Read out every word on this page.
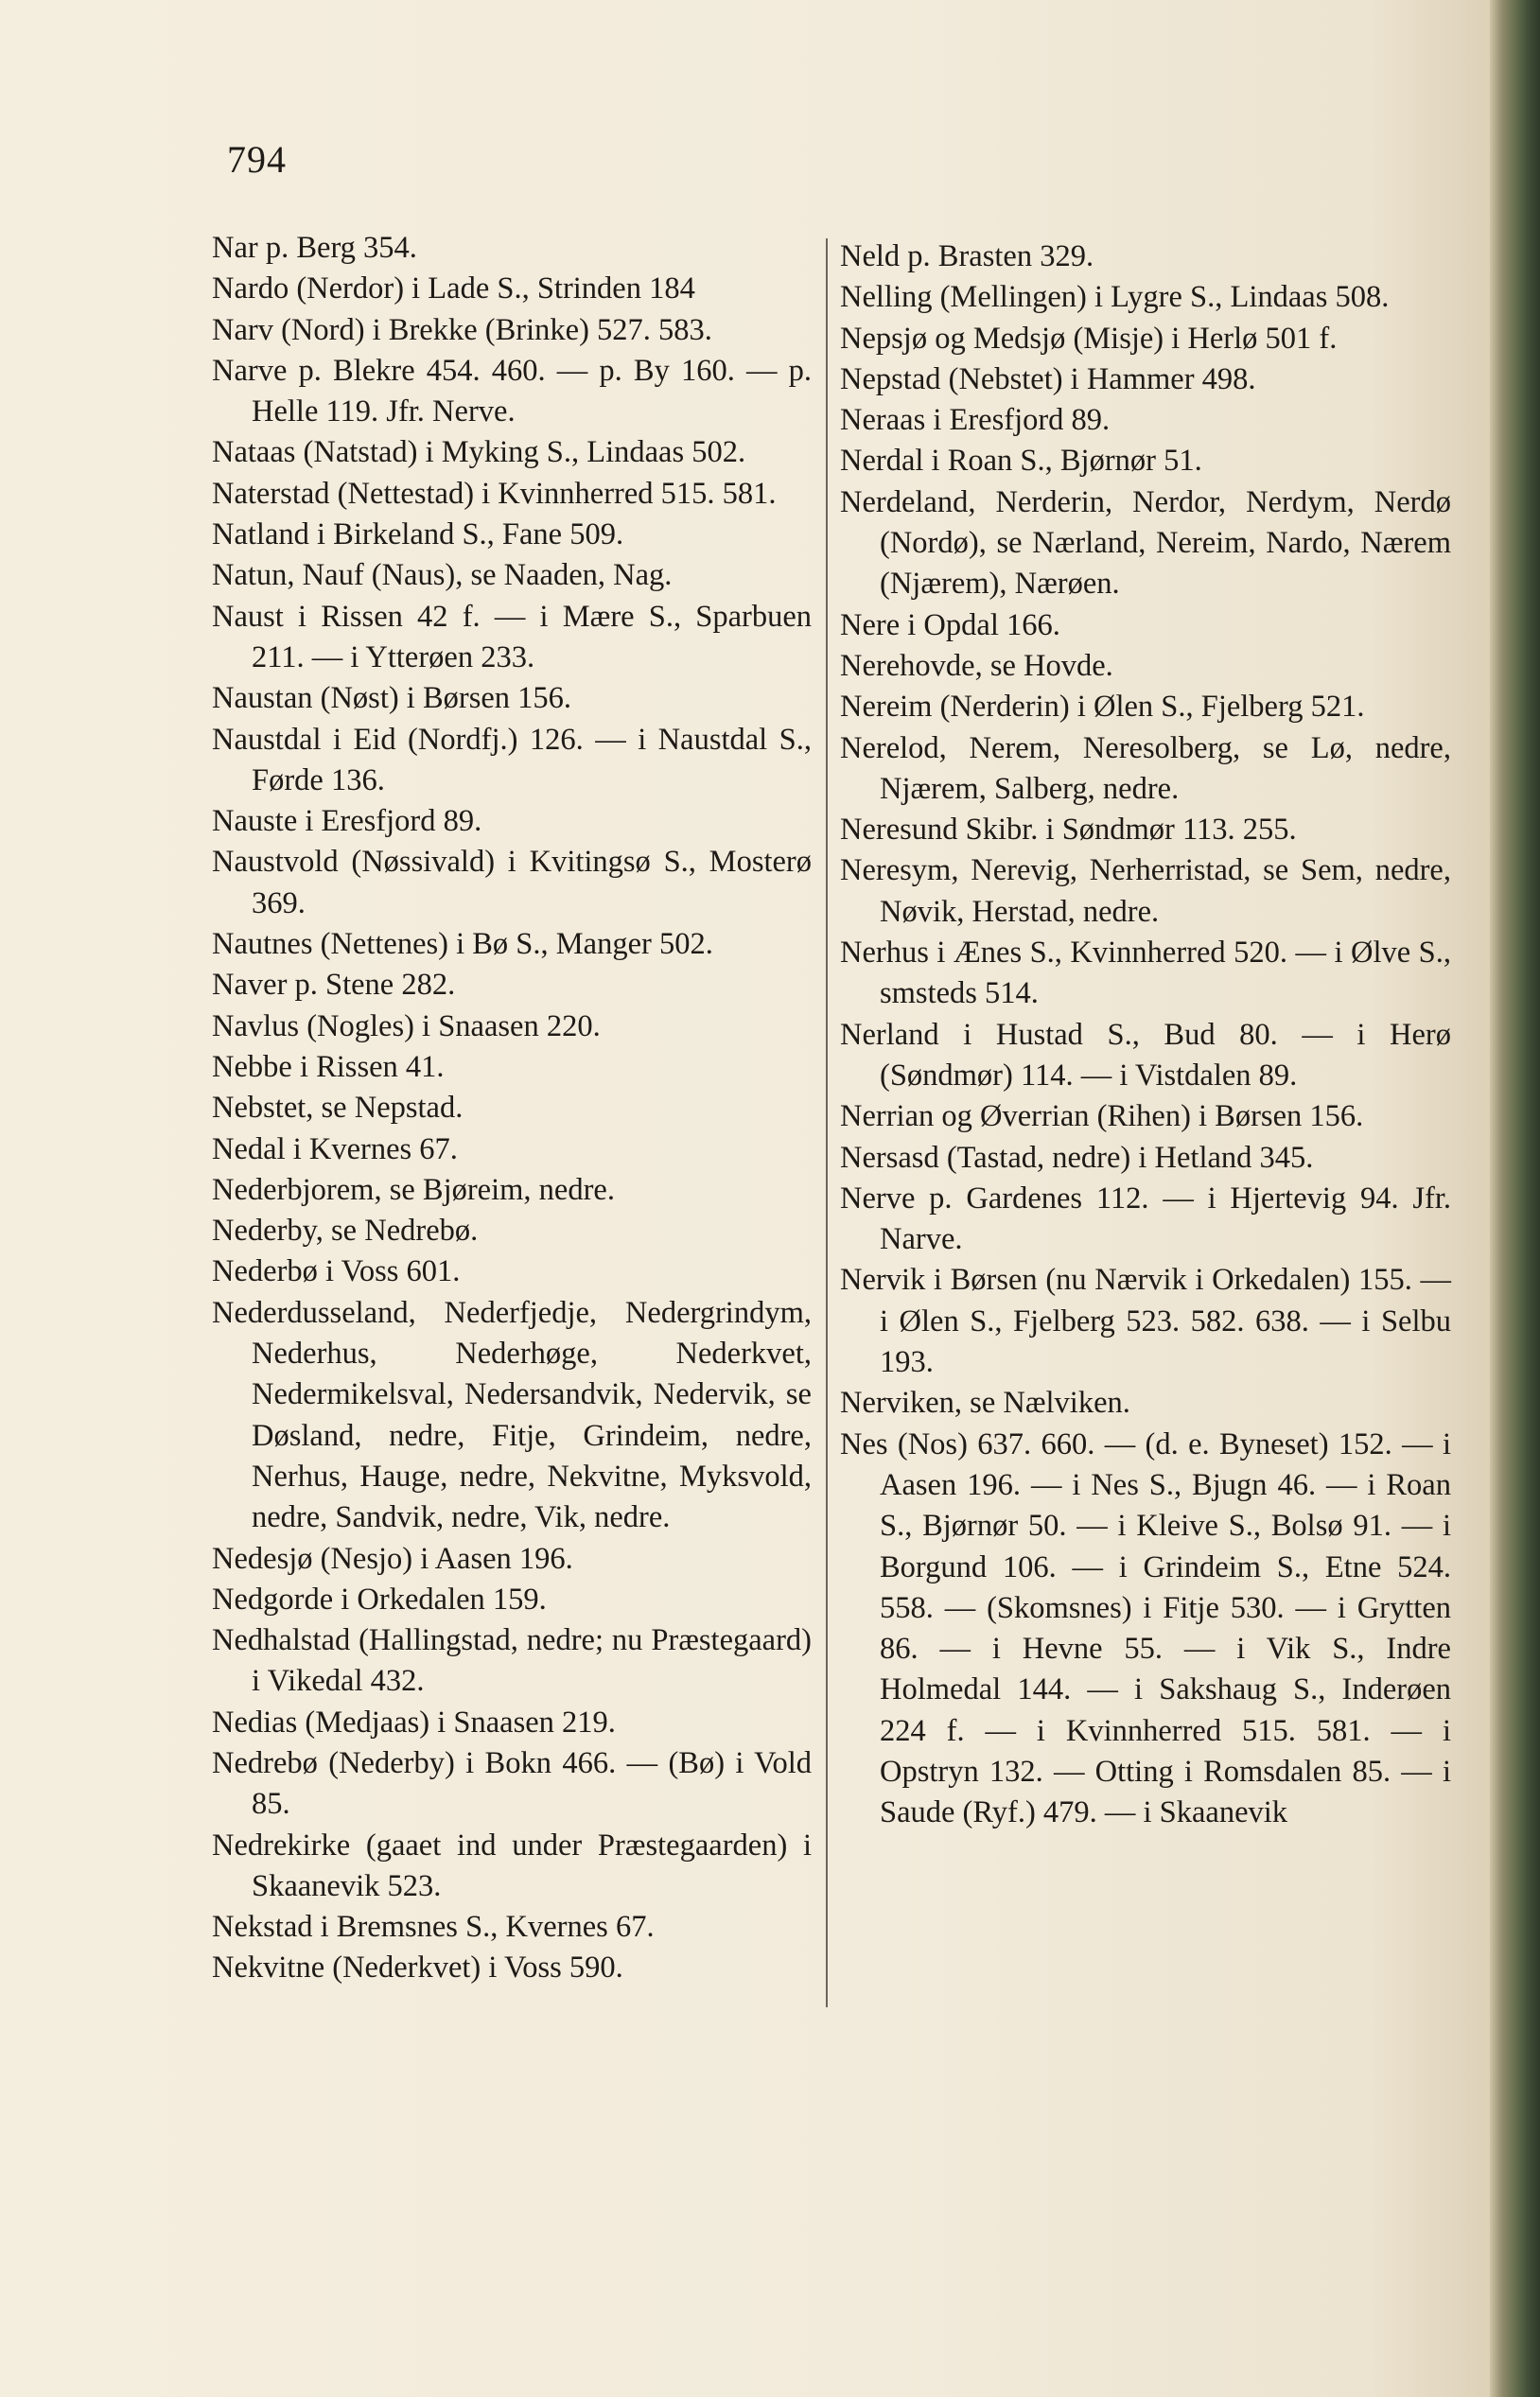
794

Nar p. Berg 354.

Nardo (Nerdor) i Lade S., Strinden 184

Narv (Nord) i Brekke (Brinke) 527. 583.

Narve p. Blekre 454. 460. — p. By 160. — p. Helle 119. Jfr. Nerve.

Nataas (Natstad) i Myking S., Lindaas 502.

Naterstad (Nettestad) i Kvinnherred 515. 581.

Natland i Birkeland S., Fane 509.

Natun, Nauf (Naus), se Naaden, Nag.

Naust i Rissen 42 f. — i Mære S., Sparbuen 211. — i Ytterøen 233.

Naustan (Nøst) i Børsen 156.

Naustdal i Eid (Nordfj.) 126. — i Naustdal S., Førde 136.

Nauste i Eresfjord 89.

Naustvold (Nøssivald) i Kvitingsø S., Mosterø 369.

Nautnes (Nettenes) i Bø S., Manger 502.

Naver p. Stene 282.

Navlus (Nogles) i Snaasen 220.

Nebbe i Rissen 41.

Nebstet, se Nepstad.

Nedal i Kvernes 67.

Nederbjorem, se Bjøreim, nedre.

Nederby, se Nedrebø.

Nederbø i Voss 601.

Nederdusseland, Nederfjedje, Nedergrindym, Nederhus, Nederhøge, Nederkvet, Nedermikelsval, Nedersandvik, Nedervik, se Døsland, nedre, Fitje, Grindeim, nedre, Nerhus, Hauge, nedre, Nekvitne, Myksvold, nedre, Sandvik, nedre, Vik, nedre.

Nedesjø (Nesjo) i Aasen 196.

Nedgorde i Orkedalen 159.

Nedhalstad (Hallingstad, nedre; nu Præstegaard) i Vikedal 432.

Nedias (Medjaas) i Snaasen 219.

Nedrebø (Nederby) i Bokn 466. — (Bø) i Vold 85.

Nedrekirke (gaaet ind under Præstegaarden) i Skaanevik 523.

Nekstad i Bremsnes S., Kvernes 67.

Nekvitne (Nederkvet) i Voss 590.

Neld p. Brasten 329.

Nelling (Mellingen) i Lygre S., Lindaas 508.

Nepsjø og Medsjø (Misje) i Herlø 501 f.

Nepstad (Nebstet) i Hammer 498.

Neraas i Eresfjord 89.

Nerdal i Roan S., Bjørnør 51.

Nerdeland, Nerderin, Nerdor, Nerdym, Nerdø (Nordø), se Nærland, Nereim, Nardo, Nærem (Njærem), Nærøen.

Nere i Opdal 166.

Nerehovde, se Hovde.

Nereim (Nerderin) i Ølen S., Fjelberg 521.

Nerelod, Nerem, Neresolberg, se Lø, nedre, Njærem, Salberg, nedre.

Neresund Skibr. i Søndmør 113. 255.

Neresym, Nerevig, Nerherristad, se Sem, nedre, Nøvik, Herstad, nedre.

Nerhus i Ænes S., Kvinnherred 520. — i Ølve S., smsteds 514.

Nerland i Hustad S., Bud 80. — i Herø (Søndmør) 114. — i Vistdalen 89.

Nerrian og Øverrian (Rihen) i Børsen 156.

Nersasd (Tastad, nedre) i Hetland 345.

Nerve p. Gardenes 112. — i Hjertevig 94. Jfr. Narve.

Nervik i Børsen (nu Nærvik i Orkedalen) 155. — i Ølen S., Fjelberg 523. 582. 638. — i Selbu 193.

Nerviken, se Nælviken.

Nes (Nos) 637. 660. — (d. e. Byneset) 152. — i Aasen 196. — i Nes S., Bjugn 46. — i Roan S., Bjørnør 50. — i Kleive S., Bolsø 91. — i Borgund 106. — i Grindeim S., Etne 524. 558. — (Skomsnes) i Fitje 530. — i Grytten 86. — i Hevne 55. — i Vik S., Indre Holmedal 144. — i Sakshaug S., Inderøen 224 f. — i Kvinnherred 515. 581. — i Opstryn 132. — Otting i Romsdalen 85. — i Saude (Ryf.) 479. — i Skaanevik
